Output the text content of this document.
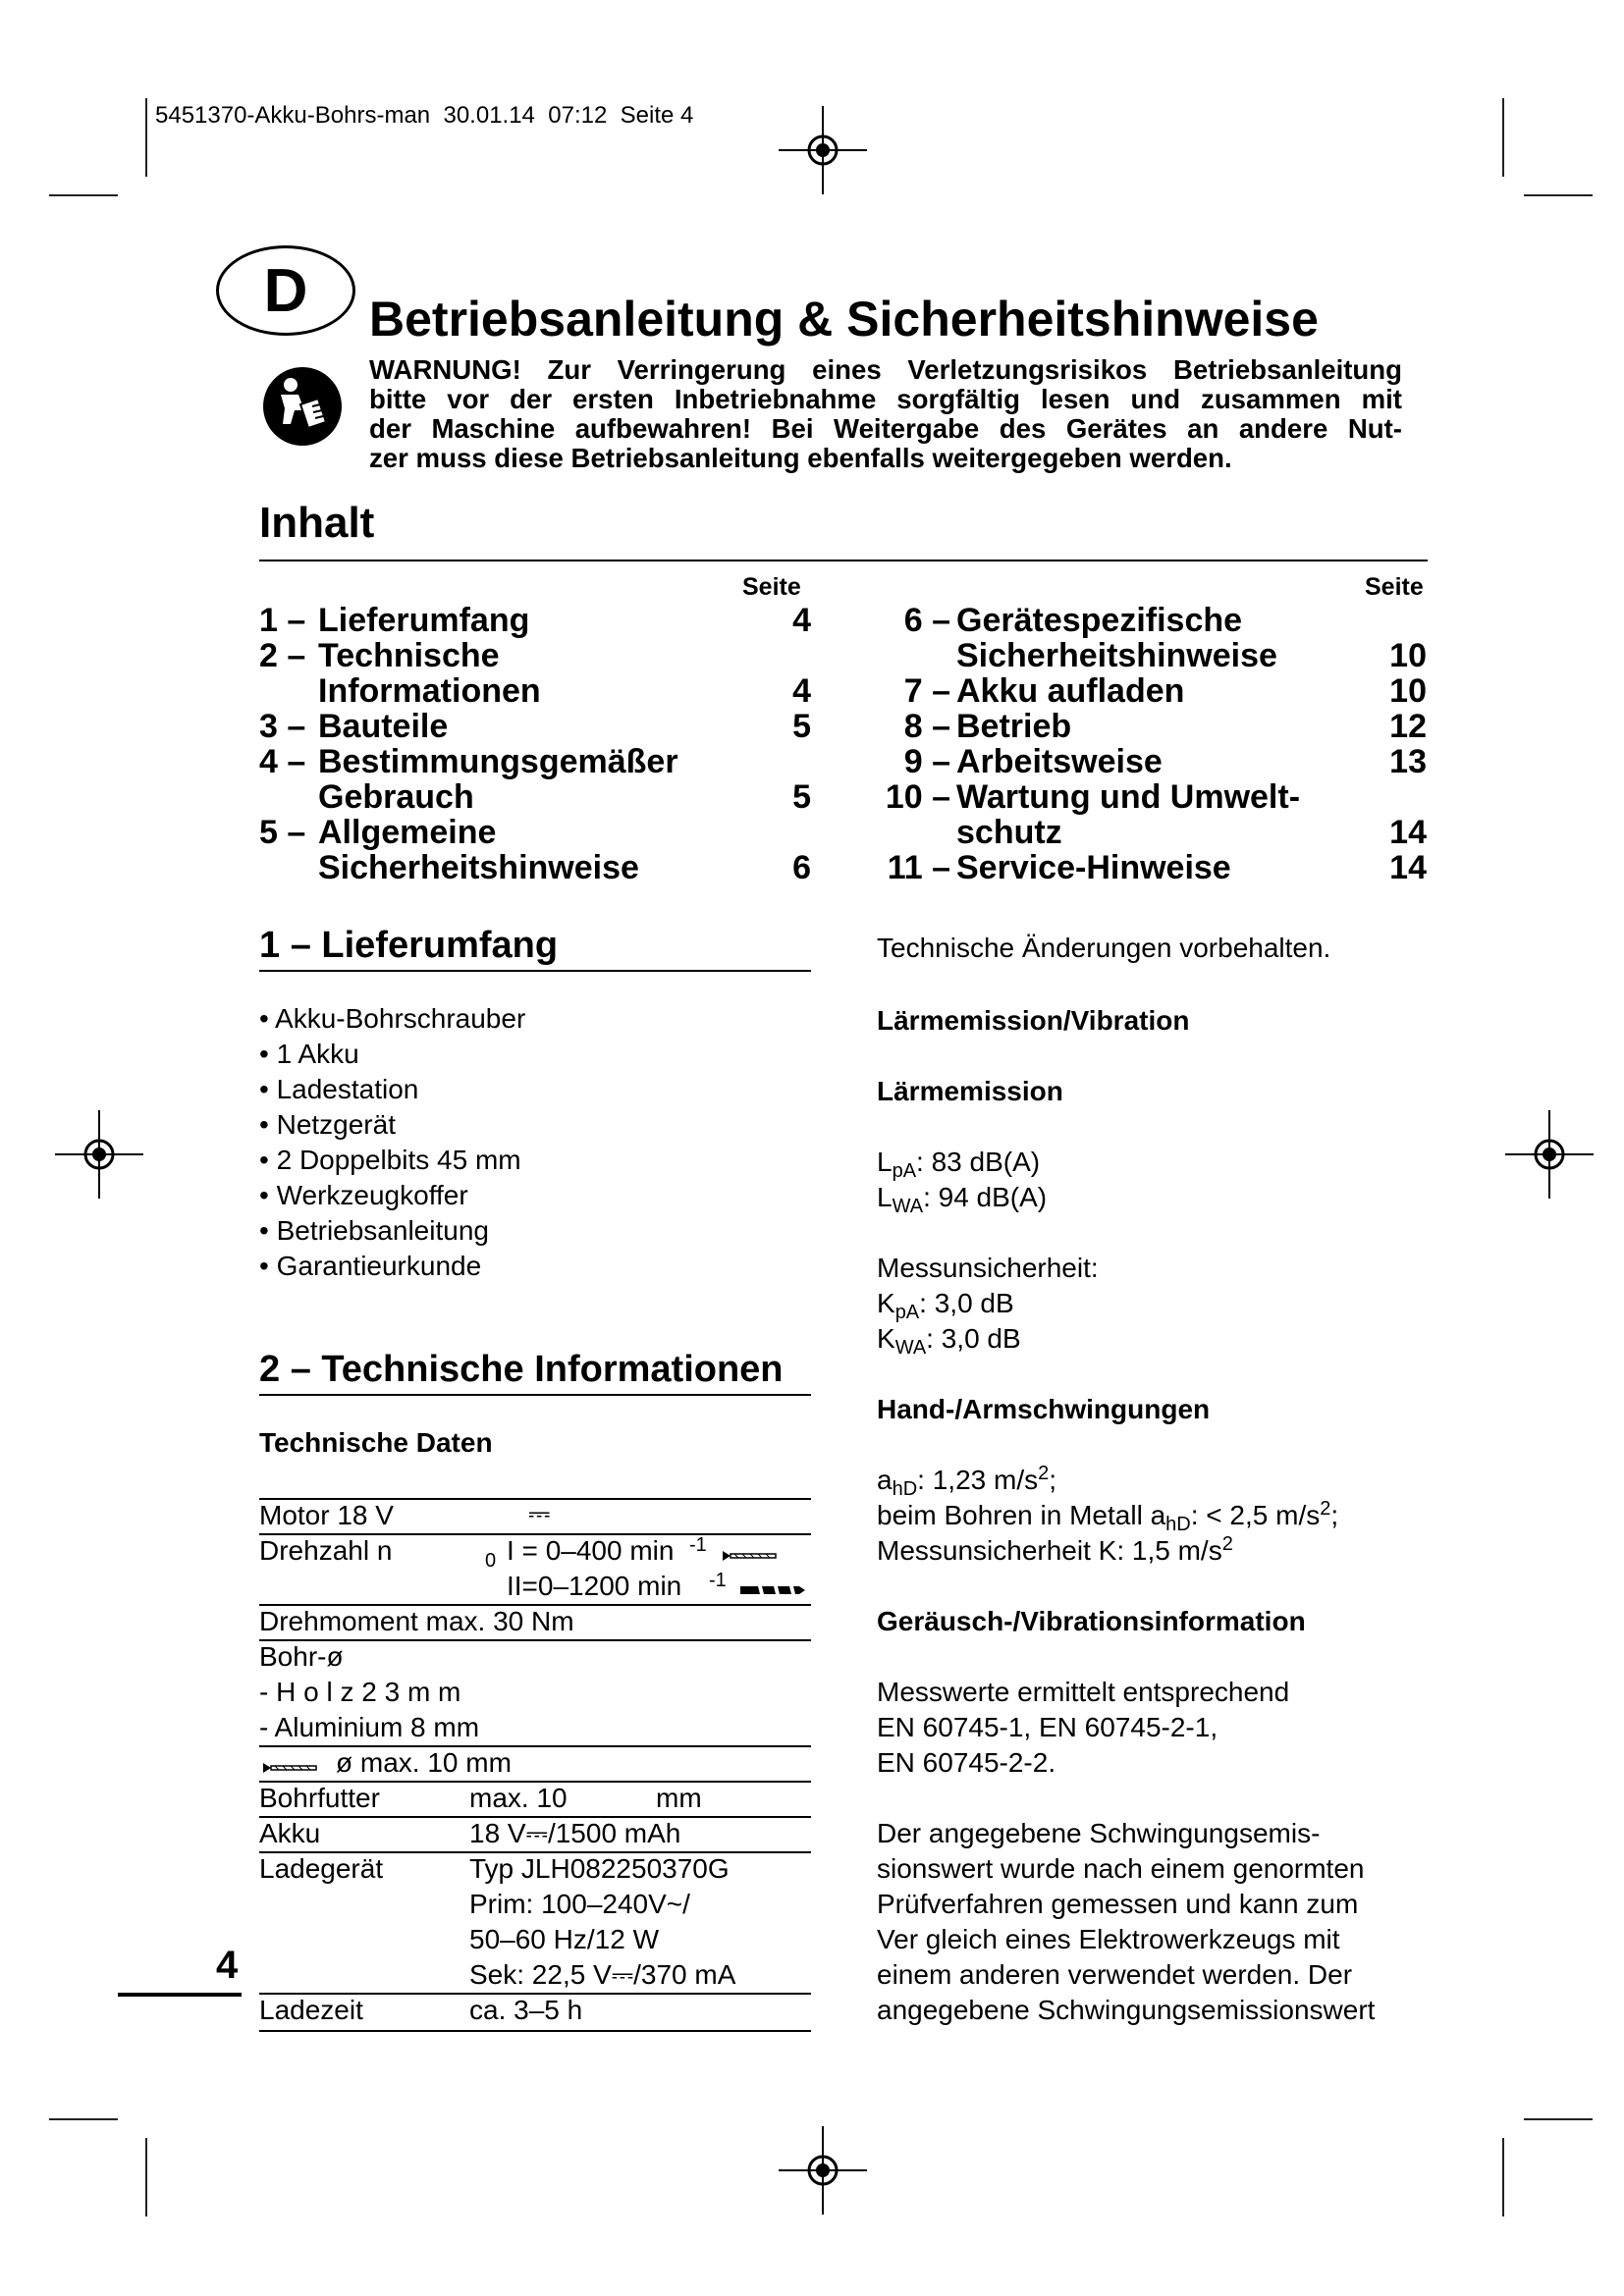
5451370-Akku-Bohrs-man  30.01.14  07:12  Seite 4
D	Betriebsanleitung & Sicherheitshinweise
WARNUNG! Zur Verringerung eines Verletzungsrisikos Betriebsanleitung
bitte vor der ersten Inbetriebnahme sorgfältig lesen und zusammen mit
der Maschine aufbewahren! Bei Weitergabe des Gerätes an andere Nut-
zer muss diese Betriebsanleitung ebenfalls weitergegeben werden.
Inhalt
Seite	Seite
1 – Lieferumfang	4
2 – Technische
Informationen	4
3 – Bauteile	5
4 – Bestimmungsgemäßer
Gebrauch	5
5 – Allgemeine
Sicherheitshinweise	6
6 – Gerätespezifische
Sicherheitshinweise	10
7 – Akku aufladen	10
8 – Betrieb	12
9 – Arbeitsweise	13
10 – Wartung und Umwelt-
schutz	14
11 – Service-Hinweise	14
1 – Lieferumfang
• Akku-Bohrschrauber
• 1 Akku
• Ladestation
• Netzgerät
• 2 Doppelbits 45 mm
• Werkzeugkoffer
• Betriebsanleitung
• Garantieurkunde
2 – Technische Informationen
Technische Daten
Motor 18 V	⎓
Drehzahl n	0 I = 0–400 min -1
II=0–1200 min -1
Drehmoment max. 30 Nm
Bohr-ø
- H o l z 2 3 m m
- Aluminium 8 mm
ø max. 10 mm
Bohrfutter	max. 10	mm
Akku	18 V⎓/1500 mAh
Ladegerät	Typ JLH082250370G
Prim: 100–240V~/
50–60 Hz/12 W
Sek: 22,5 V⎓/370 mA
Ladezeit	ca. 3–5 h
Technische Änderungen vorbehalten.
Lärmemission/Vibration
Lärmemission
$L_{pA}$: 83 dB(A)
$L_{WA}$: 94 dB(A)
Messunsicherheit:
$K_{pA}$: 3,0 dB
$K_{WA}$: 3,0 dB
Hand-/Armschwingungen
$a_{hD}$: 1,23 $m/s^2$;
beim Bohren in Metall $a_{hD}$: < 2,5 $m/s^2$;
Messunsicherheit K: 1,5 $m/s^2$
Geräusch-/Vibrationsinformation
Messwerte ermittelt entsprechend
EN 60745-1, EN 60745-2-1,
EN 60745-2-2.
Der angegebene Schwingungsemis-
sionswert wurde nach einem genormten
Prüfverfahren gemessen und kann zum
Ver gleich eines Elektrowerkzeugs mit
einem anderen verwendet werden. Der
angegebene Schwingungsemissionswert
4
